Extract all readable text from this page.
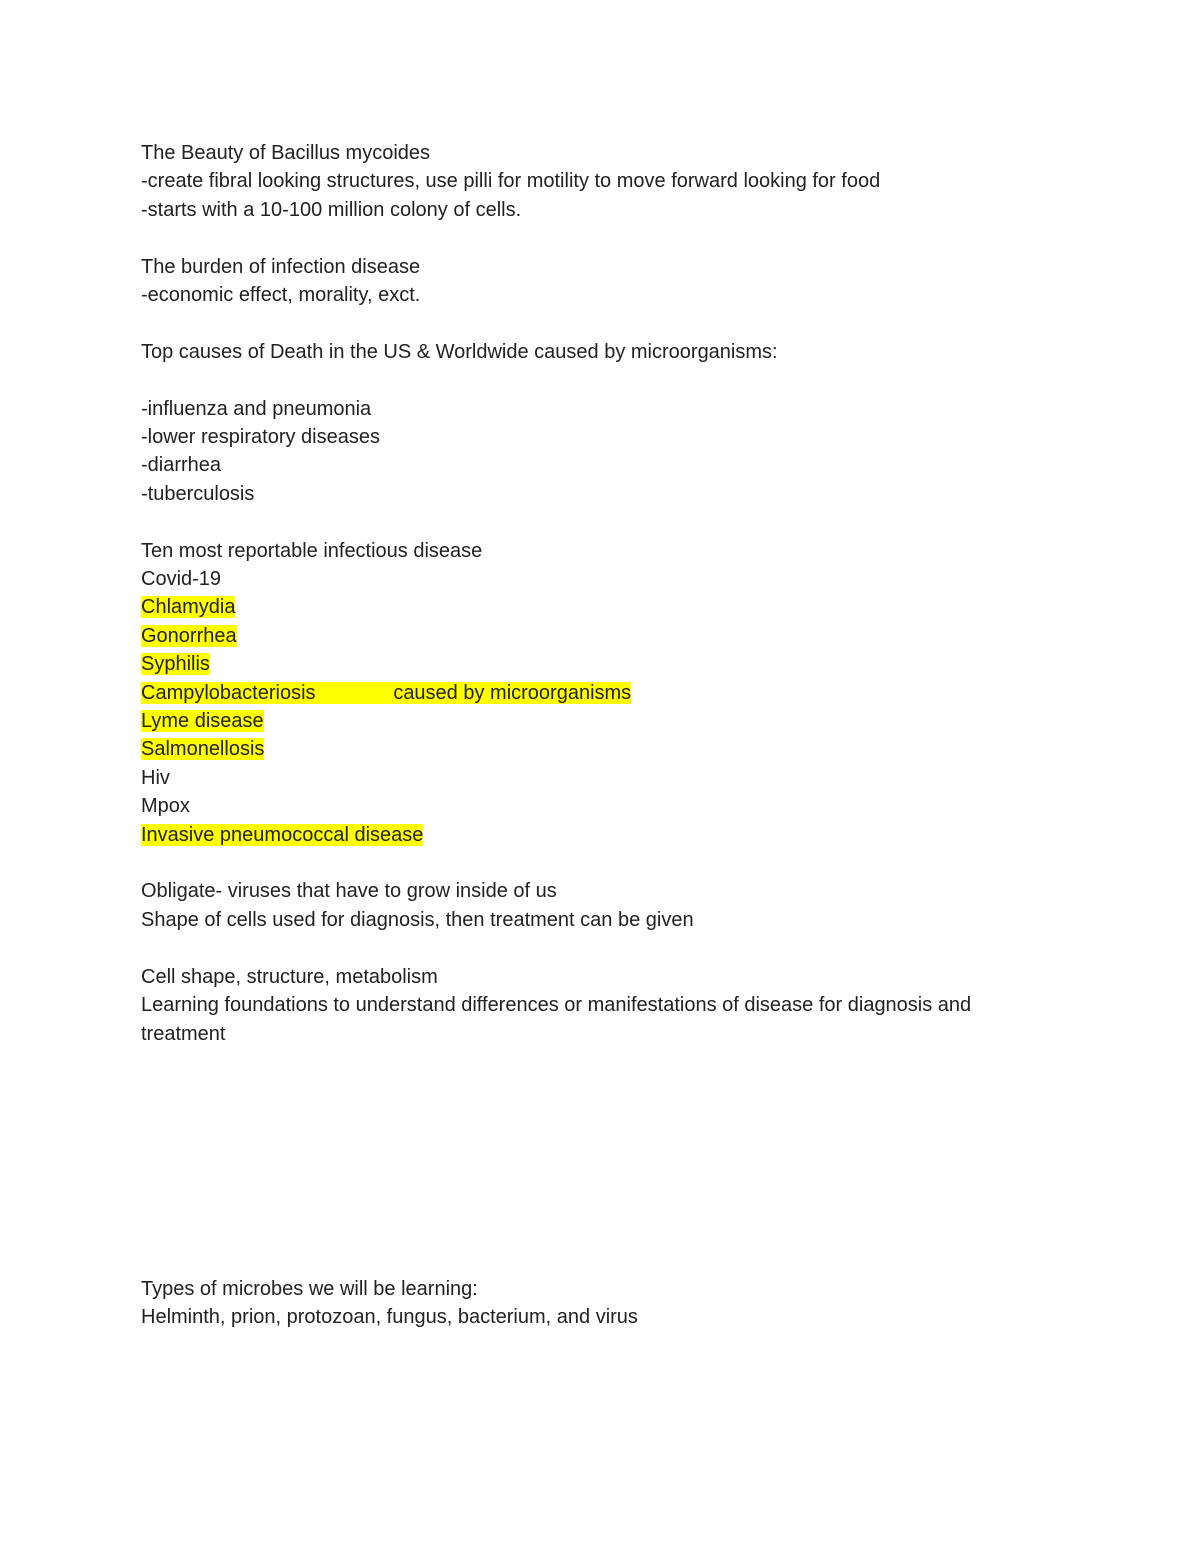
The Beauty of Bacillus mycoides
-create fibral looking structures, use pilli for motility to move forward looking for food
-starts with a 10-100 million colony of cells.
The burden of infection disease
-economic effect, morality, exct.
Top causes of Death in the US & Worldwide caused by microorganisms:
-influenza and pneumonia
-lower respiratory diseases
-diarrhea
-tuberculosis
Ten most reportable infectious disease
Covid-19
Chlamydia
Gonorrhea
Syphilis
Campylobacteriosis	caused by microorganisms
Lyme disease
Salmonellosis
Hiv
Mpox
Invasive pneumococcal disease
Obligate- viruses that have to grow inside of us
Shape of cells used for diagnosis, then treatment can be given
Cell shape, structure, metabolism
Learning foundations to understand differences or manifestations of disease for diagnosis and treatment
Types of microbes we will be learning:
Helminth, prion, protozoan, fungus, bacterium, and virus
